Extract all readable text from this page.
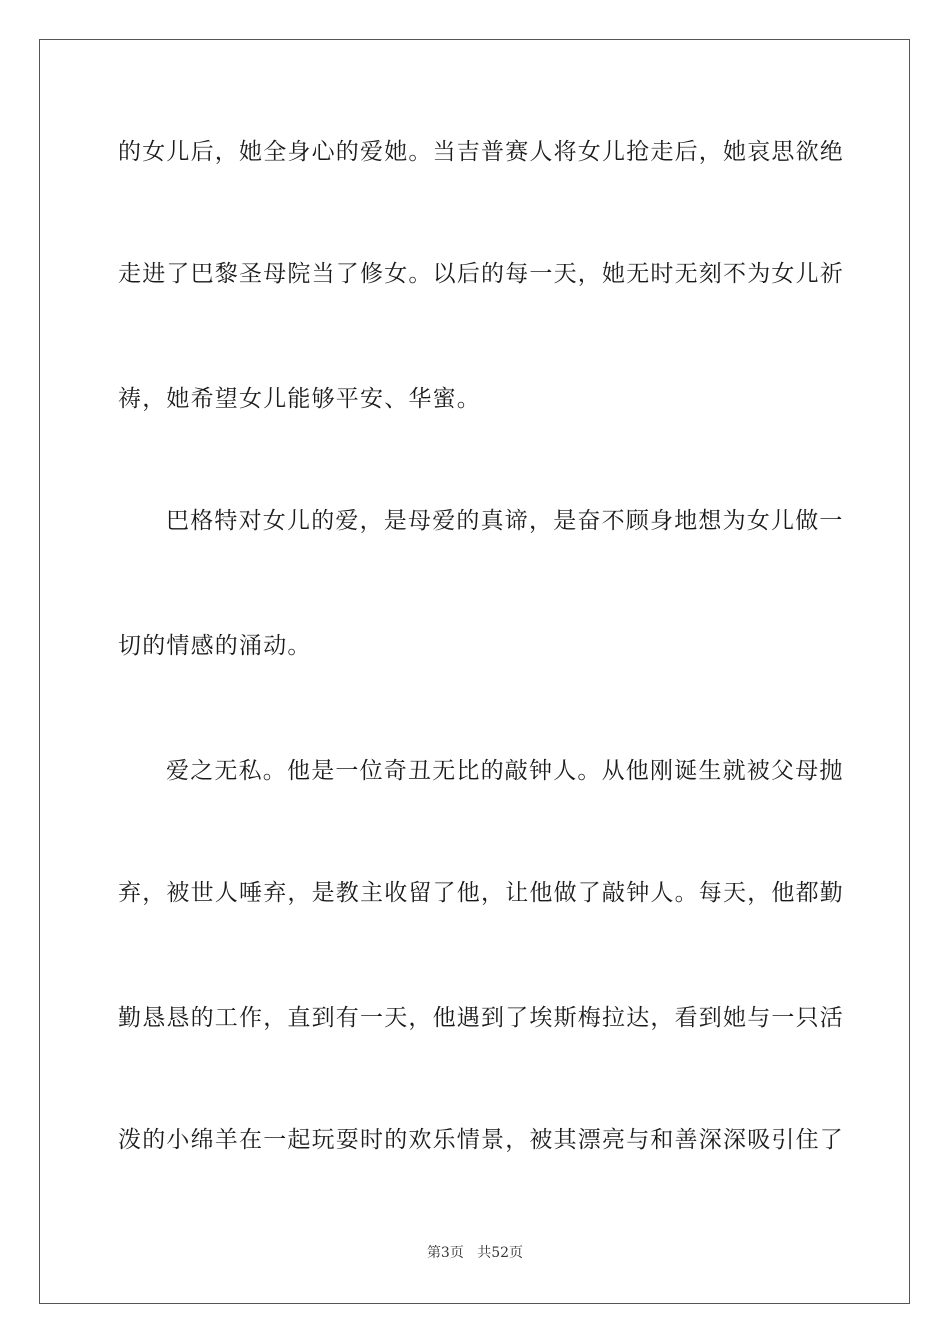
的女儿后，她全身心的爱她。当吉普赛人将女儿抢走后，她哀思欲绝
走进了巴黎圣母院当了修女。以后的每一天，她无时无刻不为女儿祈
祷，她希望女儿能够平安、华蜜。
巴格特对女儿的爱，是母爱的真谛，是奋不顾身地想为女儿做一
切的情感的涌动。
爱之无私。他是一位奇丑无比的敲钟人。从他刚诞生就被父母抛
弃，被世人唾弃，是教主收留了他，让他做了敲钟人。每天，他都勤
勤恳恳的工作，直到有一天，他遇到了埃斯梅拉达，看到她与一只活
泼的小绵羊在一起玩耍时的欢乐情景，被其漂亮与和善深深吸引住了
第3页 共52页
